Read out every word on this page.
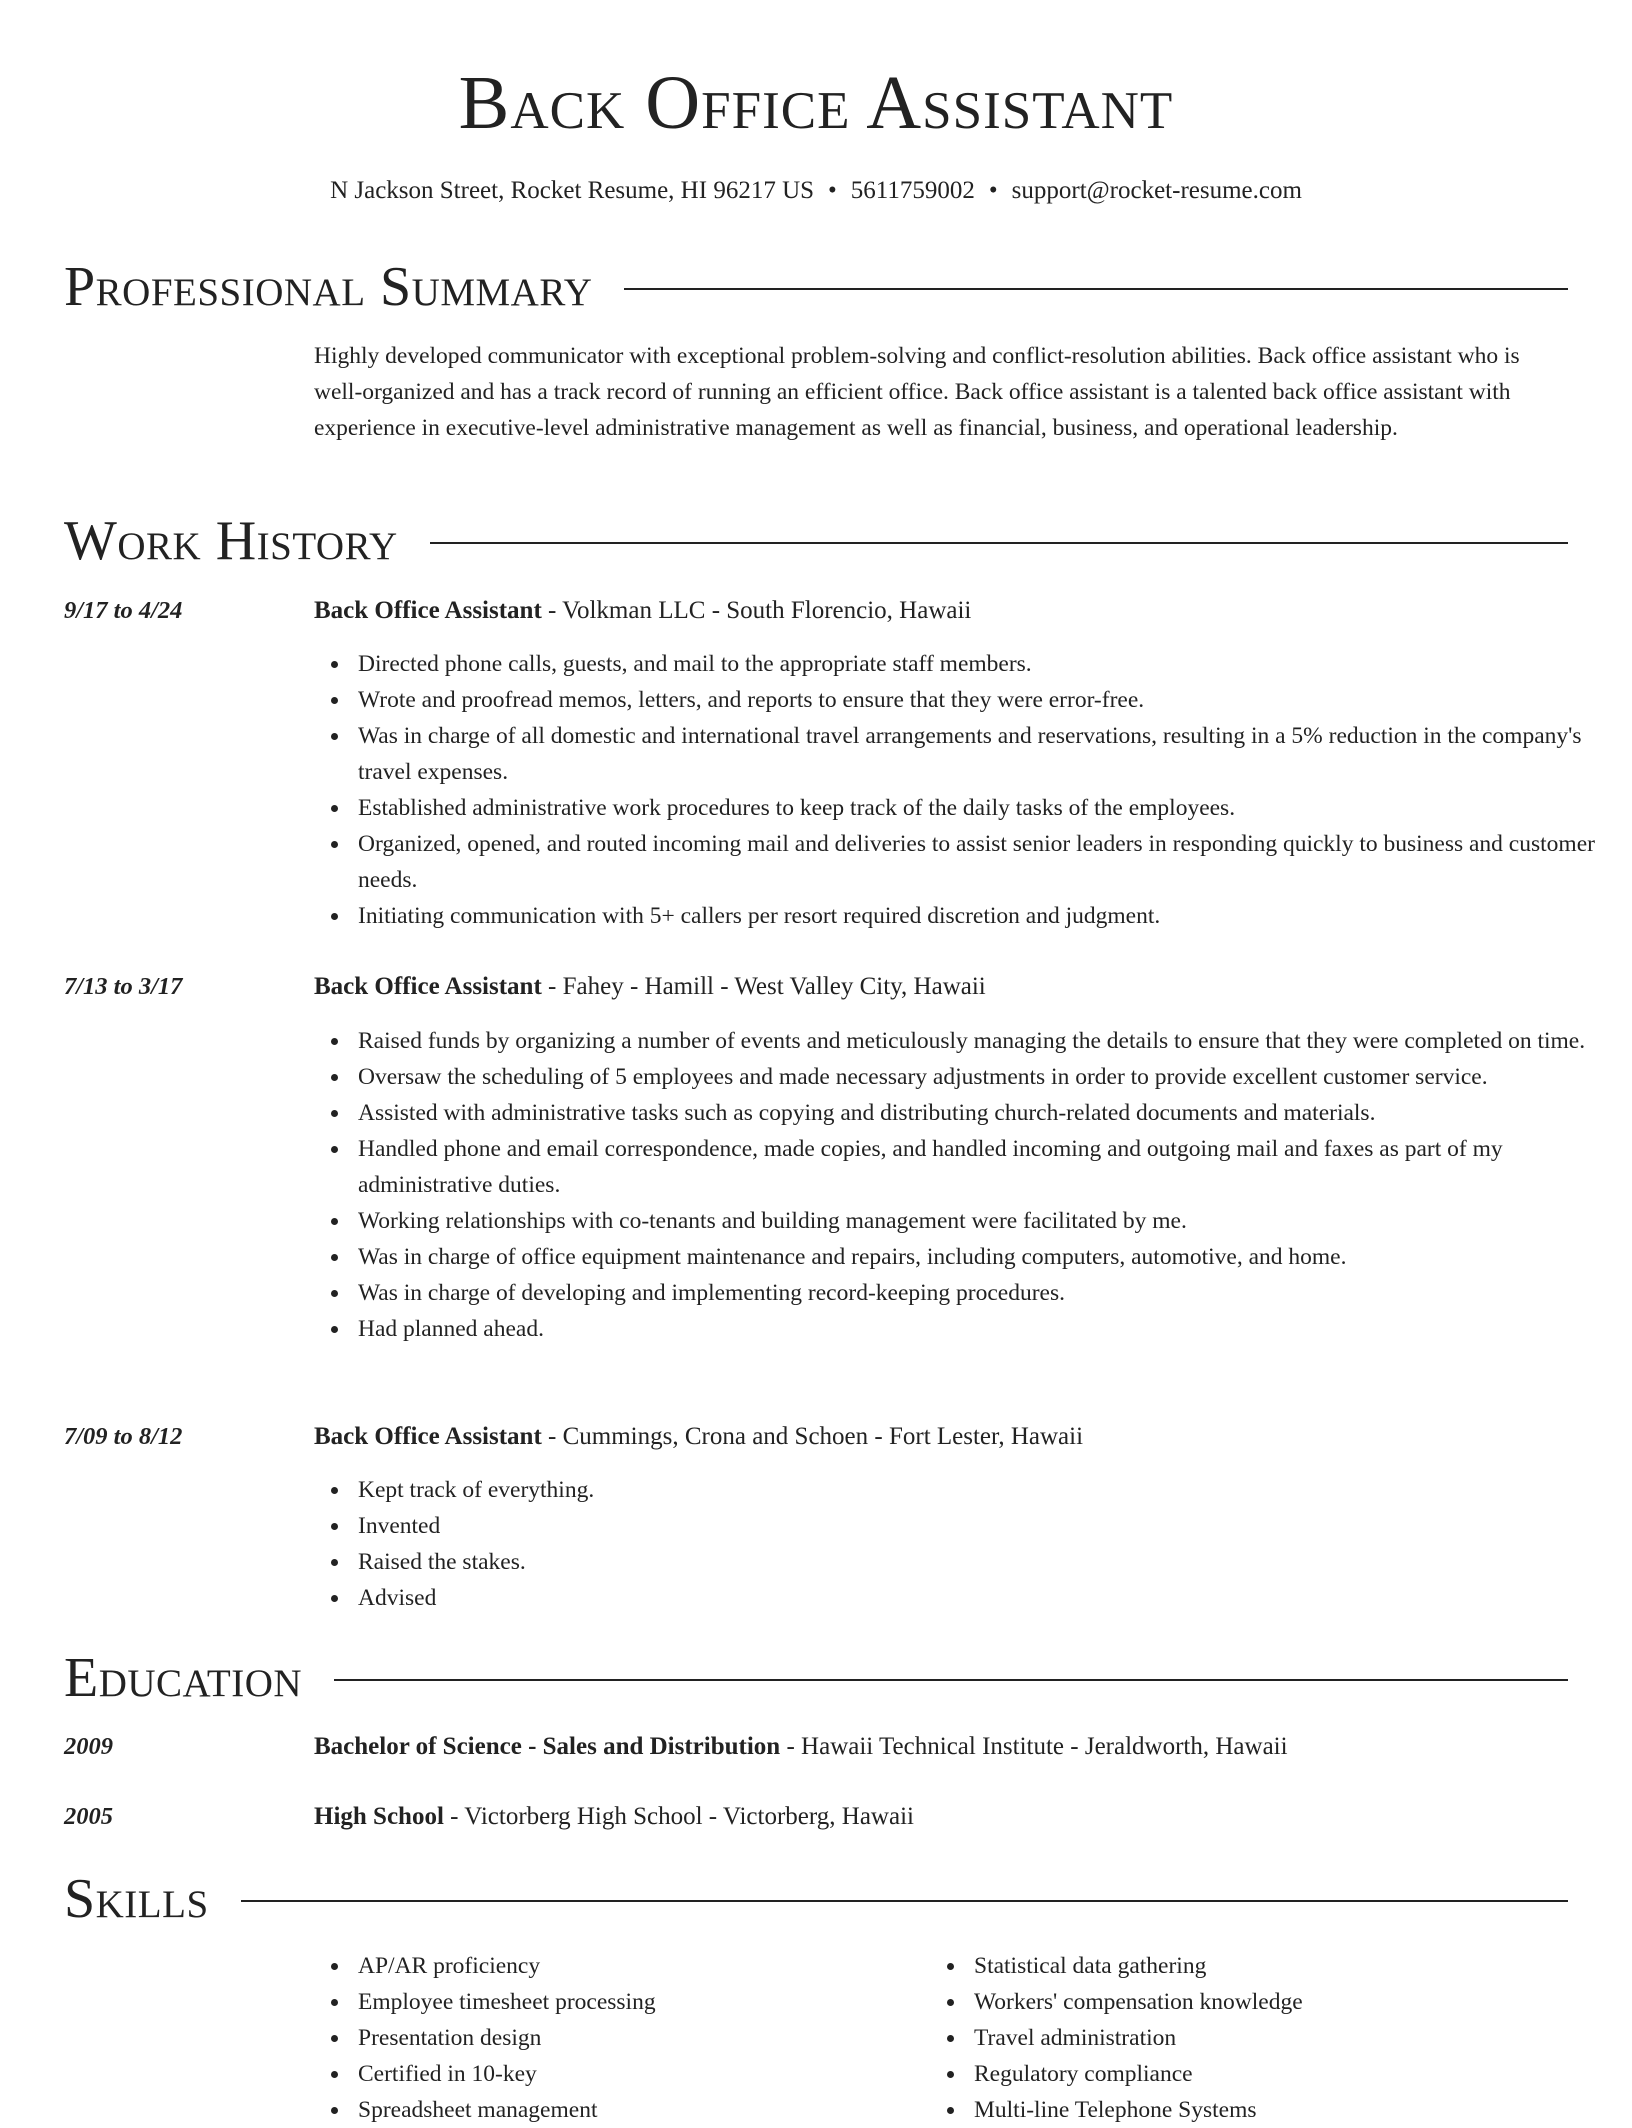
Back Office Assistant

N Jackson Street, Rocket Resume, HI 96217 US • 5611759002 • support@rocket-resume.com

Professional Summary

Highly developed communicator with exceptional problem-solving and conflict-resolution abilities. Back office assistant who is well-organized and has a track record of running an efficient office. Back office assistant is a talented back office assistant with experience in executive-level administrative management as well as financial, business, and operational leadership.

Work History
9/17 to 4/24	Back Office Assistant - Volkman LLC - South Florencio, Hawaii
Directed phone calls, guests, and mail to the appropriate staff members.
Wrote and proofread memos, letters, and reports to ensure that they were error-free.
Was in charge of all domestic and international travel arrangements and reservations, resulting in a 5% reduction in the company's travel expenses.
Established administrative work procedures to keep track of the daily tasks of the employees.
Organized, opened, and routed incoming mail and deliveries to assist senior leaders in responding quickly to business and customer needs.
Initiating communication with 5+ callers per resort required discretion and judgment.
7/13 to 3/17	Back Office Assistant - Fahey - Hamill - West Valley City, Hawaii
Raised funds by organizing a number of events and meticulously managing the details to ensure that they were completed on time.
Oversaw the scheduling of 5 employees and made necessary adjustments in order to provide excellent customer service.
Assisted with administrative tasks such as copying and distributing church-related documents and materials.
Handled phone and email correspondence, made copies, and handled incoming and outgoing mail and faxes as part of my administrative duties.
Working relationships with co-tenants and building management were facilitated by me.
Was in charge of office equipment maintenance and repairs, including computers, automotive, and home.
Was in charge of developing and implementing record-keeping procedures.
Had planned ahead.
7/09 to 8/12	Back Office Assistant - Cummings, Crona and Schoen - Fort Lester, Hawaii
Kept track of everything.
Invented
Raised the stakes.
Advised
Education
2009	Bachelor of Science - Sales and Distribution - Hawaii Technical Institute - Jeraldworth, Hawaii
2005	High School - Victorberg High School - Victorberg, Hawaii
Skills
AP/AR proficiency
Employee timesheet processing
Presentation design
Certified in 10-key
Spreadsheet management
Statistical data gathering
Workers' compensation knowledge
Travel administration
Regulatory compliance
Multi-line Telephone Systems
